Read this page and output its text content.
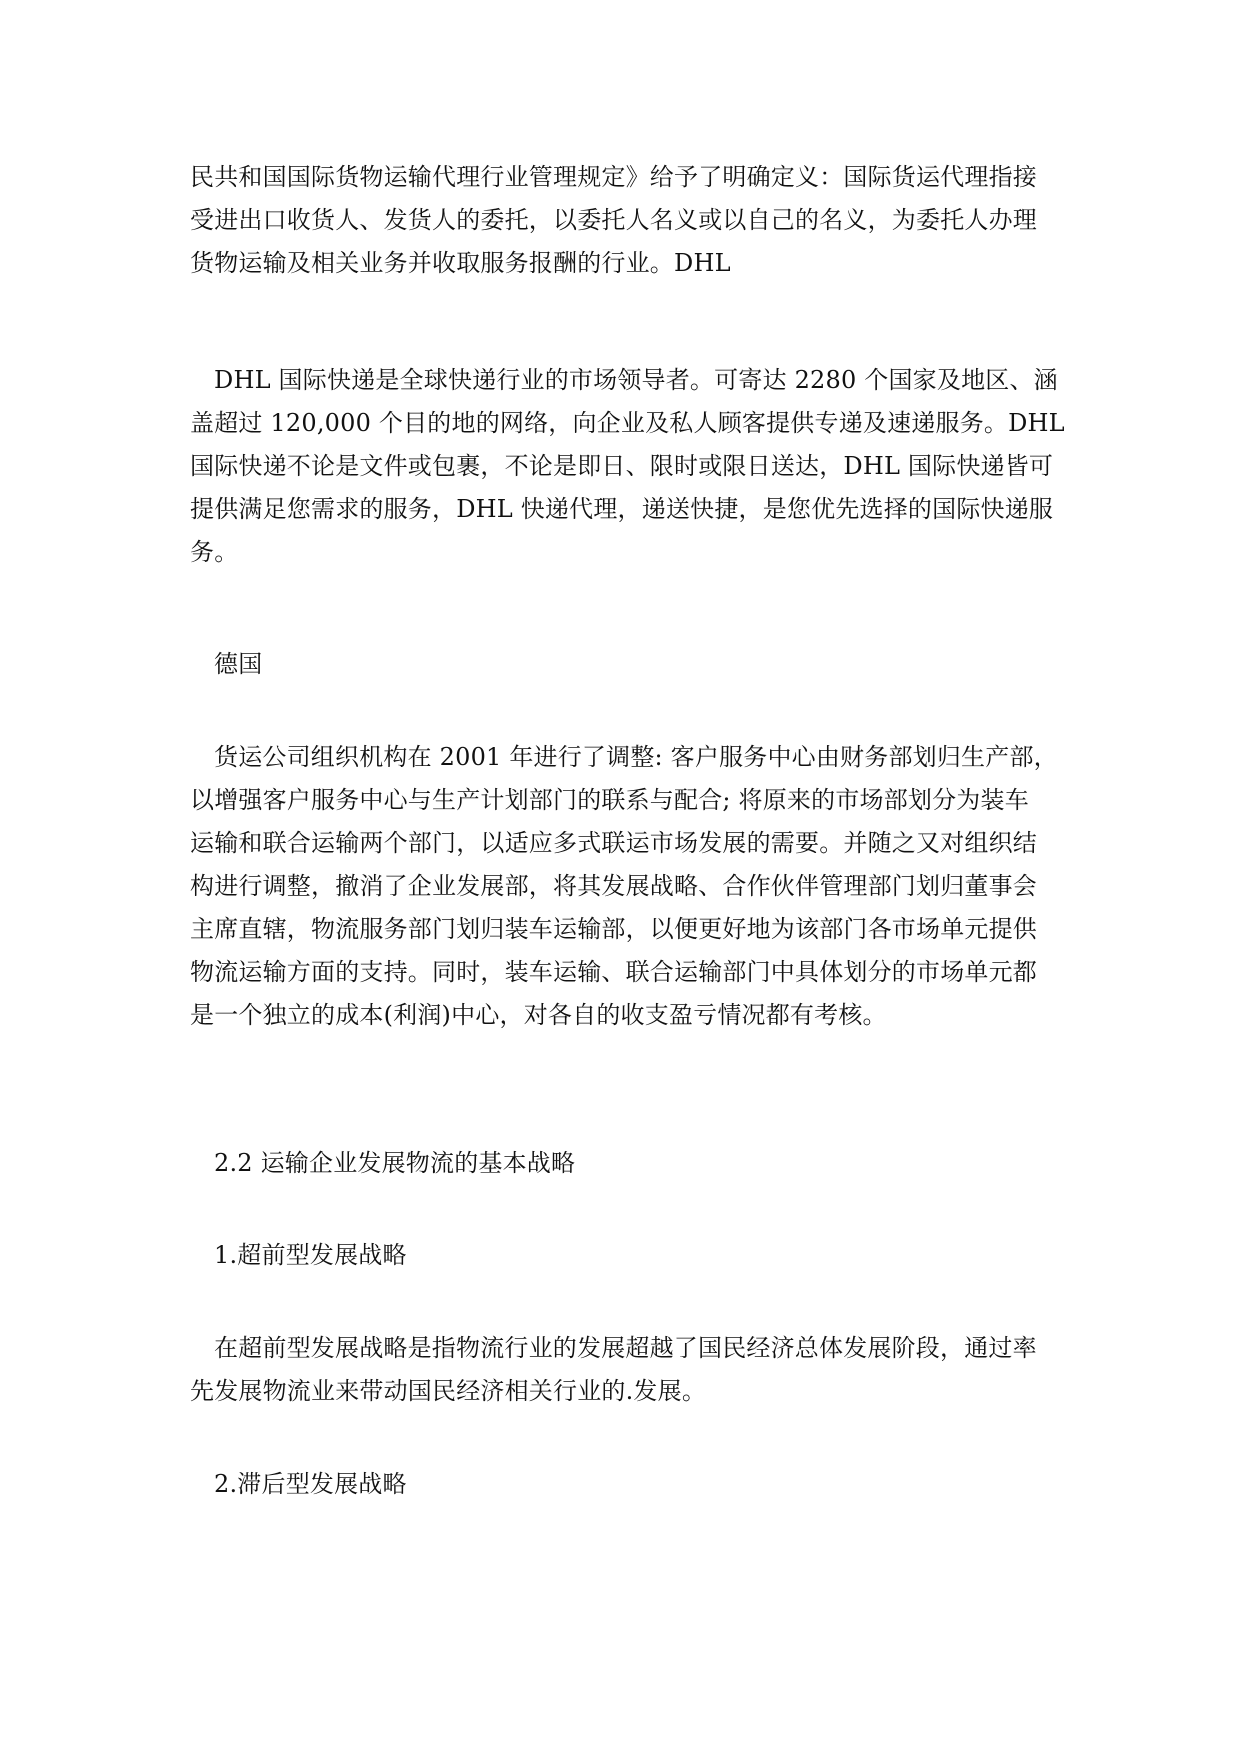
民共和国国际货物运输代理行业管理规定》给予了明确定义：国际货运代理指接
受进出口收货人、发货人的委托，以委托人名义或以自己的名义，为委托人办理
货物运输及相关业务并收取服务报酬的行业。DHL

DHL 国际快递是全球快递行业的市场领导者。可寄达 2280 个国家及地区、涵
盖超过 120,000 个目的地的网络，向企业及私人顾客提供专递及速递服务。DHL
国际快递不论是文件或包裹，不论是即日、限时或限日送达，DHL 国际快递皆可
提供满足您需求的服务，DHL 快递代理，递送快捷，是您优先选择的国际快递服
务。

德国

货运公司组织机构在 2001 年进行了调整: 客户服务中心由财务部划归生产部，
以增强客户服务中心与生产计划部门的联系与配合; 将原来的市场部划分为装车
运输和联合运输两个部门，以适应多式联运市场发展的需要。并随之又对组织结
构进行调整，撤消了企业发展部，将其发展战略、合作伙伴管理部门划归董事会
主席直辖，物流服务部门划归装车运输部，以便更好地为该部门各市场单元提供
物流运输方面的支持。同时，装车运输、联合运输部门中具体划分的市场单元都
是一个独立的成本(利润)中心，对各自的收支盈亏情况都有考核。

2.2 运输企业发展物流的基本战略

1.超前型发展战略

在超前型发展战略是指物流行业的发展超越了国民经济总体发展阶段，通过率
先发展物流业来带动国民经济相关行业的.发展。

2.滞后型发展战略
